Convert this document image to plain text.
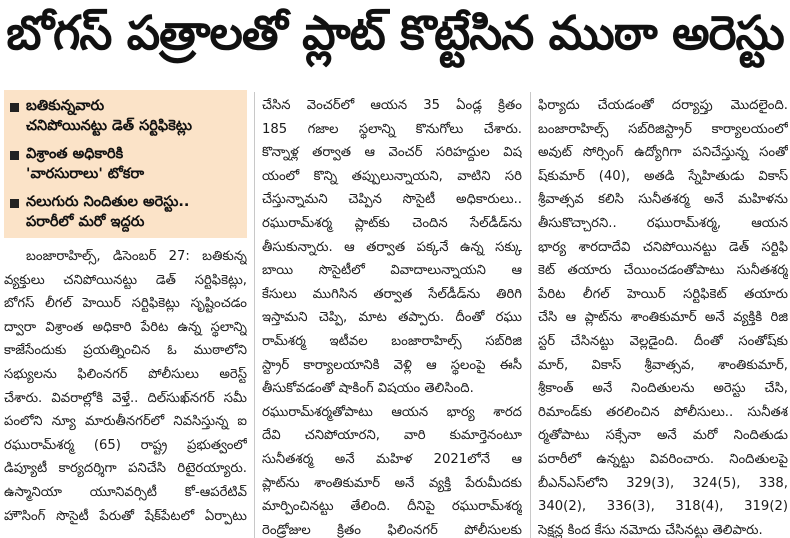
బోగస్ పత్రాలతో ప్లాట్ కొట్టేసిన ముఠా అరెస్టు
బతికున్నవారు
చనిపోయినట్టు డెత్ సర్టిఫికెట్లు
విశ్రాంత అధికారికి
'వారసురాలు' టోకరా
నలుగురు నిందితుల అరెస్టు..
పరారీలో మరో ఇద్దరు
బంజారాహిల్స్, డిసెంబర్ 27: బతికున్న
వ్యక్తులు చనిపోయినట్టు డెత్ సర్టిఫికెట్లు,
బోగస్ లీగల్ హెయిర్ సర్టిఫికెట్లు సృష్టించడం
ద్వారా విశ్రాంత అధికారి పేరిట ఉన్న స్థలాన్ని
కాజేసేందుకు ప్రయత్నించిన ఓ ముఠాలోని
సభ్యులను ఫిలింనగర్ పోలీసులు అరెస్ట్
చేశారు. వివరాల్లోకి వెళ్తే.. దిల్‌సుఖ్‌నగర్ సమీ
పంలోని న్యూ మారుతీనగర్‌లో నివసిస్తున్న ఐ
రఘురామ్‌శర్మ (65) రాష్ట్ర ప్రభుత్వంలో
డిప్యూటీ కార్యదర్శిగా పనిచేసి రిటైరయ్యారు.
ఉస్మానియా యూనివర్సిటీ కో-ఆపరేటివ్
హౌసింగ్ సొసైటీ పేరుతో షేక్‌పేటలో ఏర్పాటు
చేసిన వెంచర్‌లో ఆయన 35 ఏండ్ల క్రితం
185 గజాల స్థలాన్ని కొనుగోలు చేశారు.
కొన్నాళ్ల తర్వాత ఆ వెంచర్ సరిహద్దుల విష
యంలో కొన్ని తప్పులున్నాయని, వాటిని సరి
చేస్తున్నామని చెప్పిన సొసైటీ అధికారులు..
రఘురామ్‌శర్మ ప్లాట్‌కు చెందిన సేల్‌డీడ్‌ను
తీసుకున్నారు. ఆ తర్వాత పక్కనే ఉన్న సక్కు
బాయి సొసైటీలో వివాదాలున్నాయని ఆ
కేసులు ముగిసిన తర్వాత సేల్‌డీడ్‌ను తిరిగి
ఇస్తామని చెప్పి, మాట తప్పారు. దీంతో రఘు
రామ్‌శర్మ ఇటీవల బంజారాహిల్స్ సబ్‌రిజి
స్ట్రార్ కార్యాలయానికి వెళ్లి ఆ స్థలంపై ఈసీ
తీసుకోవడంతో షాకింగ్ విషయం తెలిసింది.
రఘురామ్‌శర్మతోపాటు ఆయన భార్య శారద
దేవి చనిపోయారని, వారి కుమార్తెనంటూ
సునీతశర్మ అనే మహిళ 2021లోనే ఆ
ప్లాట్‌ను శాంతికుమార్ అనే వ్యక్తి పేరుమీదకు
మార్పించినట్టు తేలింది. దీనిపై రఘురామ్‌శర్మ
రెండ్రోజుల క్రితం ఫిలింనగర్ పోలీసులకు
ఫిర్యాదు చేయడంతో దర్యాప్తు మొదలైంది.
బంజారాహిల్స్ సబ్‌రిజిస్ట్రార్ కార్యాలయంలో
అవుట్ సోర్సింగ్ ఉద్యోగిగా పనిచేస్తున్న సంతో
ష్‌కుమార్ (40), అతడి స్నేహితుడు వికాస్
శ్రీవాత్సవ కలిసి సునీతశర్మ అనే మహిళను
తీసుకొచ్చారని.. రఘురామ్‌శర్మ, ఆయన
భార్య శారదాదేవి చనిపోయినట్టు డెత్ సర్టిఫి
కెట్ తయారు చేయించడంతోపాటు సునీతశర్మ
పేరిట లీగల్ హెయిర్ సర్టిఫికెట్ తయారు
చేసి ఆ ప్లాట్‌ను శాంతికుమార్ అనే వ్యక్తికి రిజి
స్టర్ చేసినట్టు వెల్లడైంది. దీంతో సంతోష్‌కు
మార్, వికాస్ శ్రీవాత్సవ, శాంతికుమార్,
శ్రీకాంత్ అనే నిందితులను అరెస్టు చేసి,
రిమాండ్‌కు తరలించిన పోలీసులు.. సునీతశ
ర్మతోపాటు సక్సేనా అనే మరో నిందితుడు
పరారీలో ఉన్నట్టు వివరించారు. నిందితులపై
బీఎన్ఎస్‌లోని 329(3), 324(5), 338,
340(2), 336(3), 318(4), 319(2)
సెక్షన్ల కింద కేసు నమోదు చేసినట్టు తెలిపారు.
